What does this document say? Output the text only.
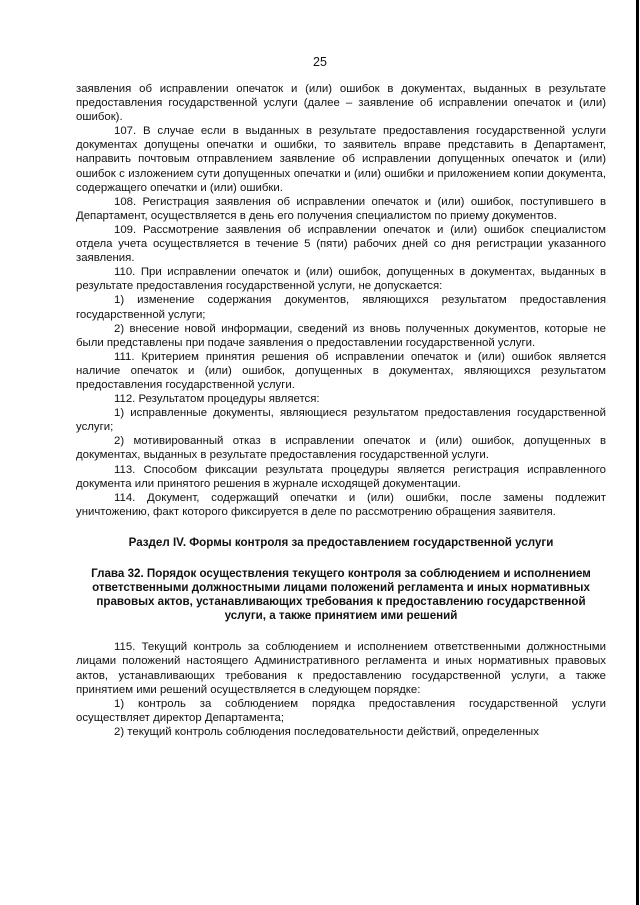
25

заявления об исправлении опечаток и (или) ошибок в документах, выданных в результате предоставления государственной услуги (далее – заявление об исправлении опечаток и (или) ошибок).

107. В случае если в выданных в результате предоставления государственной услуги документах допущены опечатки и ошибки, то заявитель вправе представить в Департамент, направить почтовым отправлением заявление об исправлении допущенных опечаток и (или) ошибок с изложением сути допущенных опечатки и (или) ошибки и приложением копии документа, содержащего опечатки и (или) ошибки.

108. Регистрация заявления об исправлении опечаток и (или) ошибок, поступившего в Департамент, осуществляется в день его получения специалистом по приему документов.

109. Рассмотрение заявления об исправлении опечаток и (или) ошибок специалистом отдела учета осуществляется в течение 5 (пяти) рабочих дней со дня регистрации указанного заявления.

110. При исправлении опечаток и (или) ошибок, допущенных в документах, выданных в результате предоставления государственной услуги, не допускается:

1) изменение содержания документов, являющихся результатом предоставления государственной услуги;

2) внесение новой информации, сведений из вновь полученных документов, которые не были представлены при подаче заявления о предоставлении государственной услуги.

111. Критерием принятия решения об исправлении опечаток и (или) ошибок является наличие опечаток и (или) ошибок, допущенных в документах, являющихся результатом предоставления государственной услуги.

112. Результатом процедуры является:

1) исправленные документы, являющиеся результатом предоставления государственной услуги;

2) мотивированный отказ в исправлении опечаток и (или) ошибок, допущенных в документах, выданных в результате предоставления государственной услуги.

113. Способом фиксации результата процедуры является регистрация исправленного документа или принятого решения в журнале исходящей документации.

114. Документ, содержащий опечатки и (или) ошибки, после замены подлежит уничтожению, факт которого фиксируется в деле по рассмотрению обращения заявителя.

Раздел IV. Формы контроля за предоставлением государственной услуги
Глава 32. Порядок осуществления текущего контроля за соблюдением и исполнением ответственными должностными лицами положений регламента и иных нормативных правовых актов, устанавливающих требования к предоставлению государственной услуги, а также принятием ими решений

115. Текущий контроль за соблюдением и исполнением ответственными должностными лицами положений настоящего Административного регламента и иных нормативных правовых актов, устанавливающих требования к предоставлению государственной услуги, а также принятием ими решений осуществляется в следующем порядке:

1) контроль за соблюдением порядка предоставления государственной услуги осуществляет директор Департамента;

2) текущий контроль соблюдения последовательности действий, определенных
